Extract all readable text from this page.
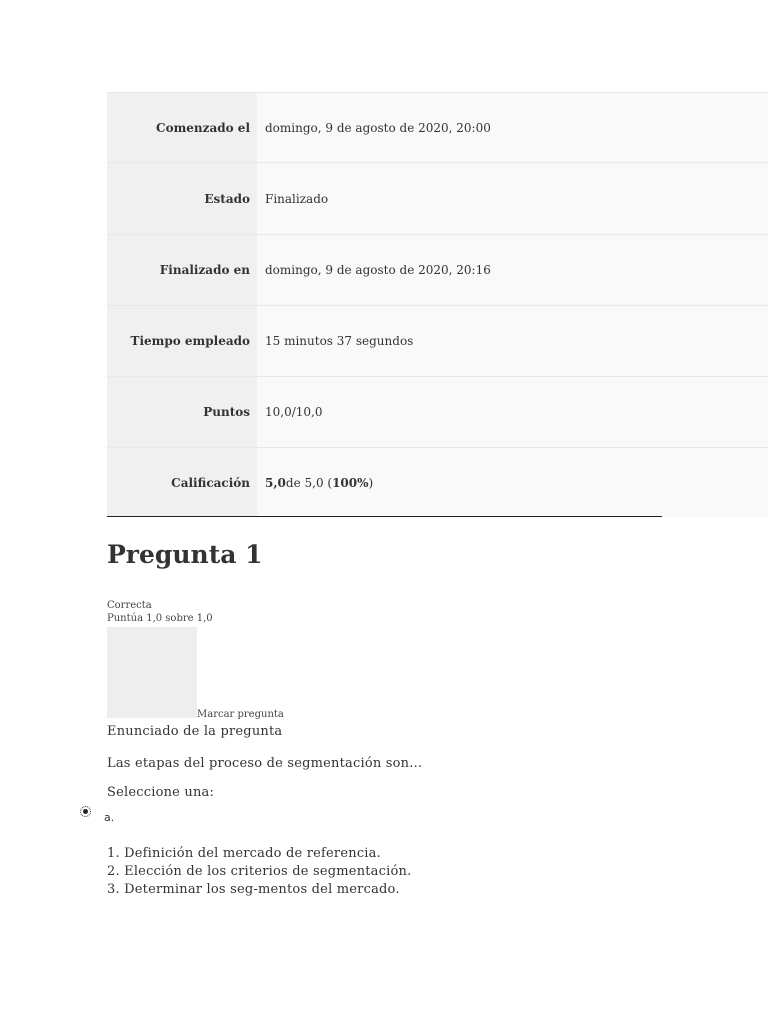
Comenzado el	domingo, 9 de agosto de 2020, 20:00
Estado	Finalizado
Finalizado en	domingo, 9 de agosto de 2020, 20:16
Tiempo empleado	15 minutos 37 segundos
Puntos	10,0/10,0
Calificación	5,0 de 5,0 ( 100% )
Pregunta 1
Correcta
Puntúa 1,0 sobre 1,0
Marcar pregunta
Enunciado de la pregunta
Las etapas del proceso de segmentación son...
Seleccione una:
a.
1. Definición del mercado de referencia.
2. Elección de los criterios de segmentación.
3. Determinar los seg-mentos del mercado.
